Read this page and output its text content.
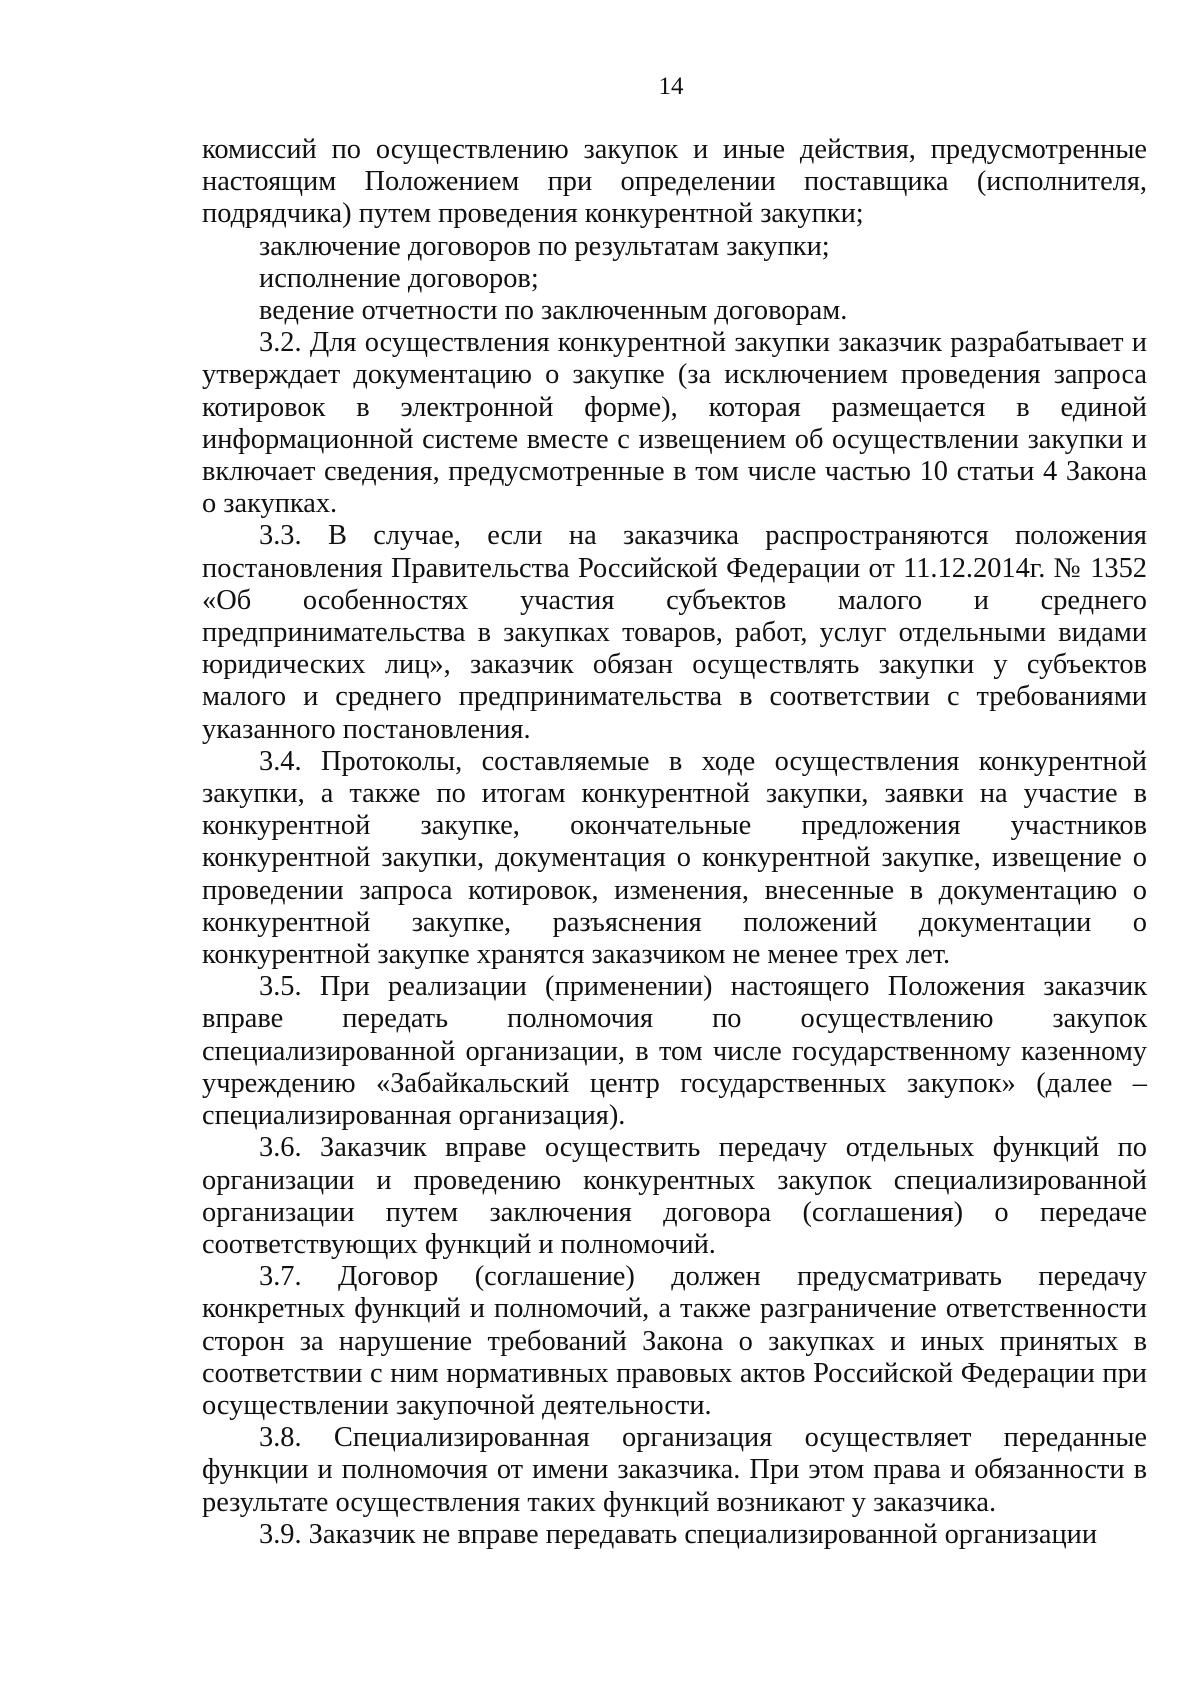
14

комиссий по осуществлению закупок и иные действия, предусмотренные настоящим Положением при определении поставщика (исполнителя, подрядчика) путем проведения конкурентной закупки;

заключение договоров по результатам закупки;

исполнение договоров;

ведение отчетности по заключенным договорам.

3.2. Для осуществления конкурентной закупки заказчик разрабатывает и утверждает документацию о закупке (за исключением проведения запроса котировок в электронной форме), которая размещается в единой информационной системе вместе с извещением об осуществлении закупки и включает сведения, предусмотренные в том числе частью 10 статьи 4 Закона о закупках.

3.3. В случае, если на заказчика распространяются положения постановления Правительства Российской Федерации от 11.12.2014г. № 1352 «Об особенностях участия субъектов малого и среднего предпринимательства в закупках товаров, работ, услуг отдельными видами юридических лиц», заказчик обязан осуществлять закупки у субъектов малого и среднего предпринимательства в соответствии с требованиями указанного постановления.

3.4. Протоколы, составляемые в ходе осуществления конкурентной закупки, а также по итогам конкурентной закупки, заявки на участие в конкурентной закупке, окончательные предложения участников конкурентной закупки, документация о конкурентной закупке, извещение о проведении запроса котировок, изменения, внесенные в документацию о конкурентной закупке, разъяснения положений документации о конкурентной закупке хранятся заказчиком не менее трех лет.

3.5. При реализации (применении) настоящего Положения заказчик вправе передать полномочия по осуществлению закупок специализированной организации, в том числе государственному казенному учреждению «Забайкальский центр государственных закупок» (далее – специализированная организация).

3.6. Заказчик вправе осуществить передачу отдельных функций по организации и проведению конкурентных закупок специализированной организации путем заключения договора (соглашения) о передаче соответствующих функций и полномочий.

3.7. Договор (соглашение) должен предусматривать передачу конкретных функций и полномочий, а также разграничение ответственности сторон за нарушение требований Закона о закупках и иных принятых в соответствии с ним нормативных правовых актов Российской Федерации при осуществлении закупочной деятельности.

3.8. Специализированная организация осуществляет переданные функции и полномочия от имени заказчика. При этом права и обязанности в результате осуществления таких функций возникают у заказчика.

3.9. Заказчик не вправе передавать специализированной организации
